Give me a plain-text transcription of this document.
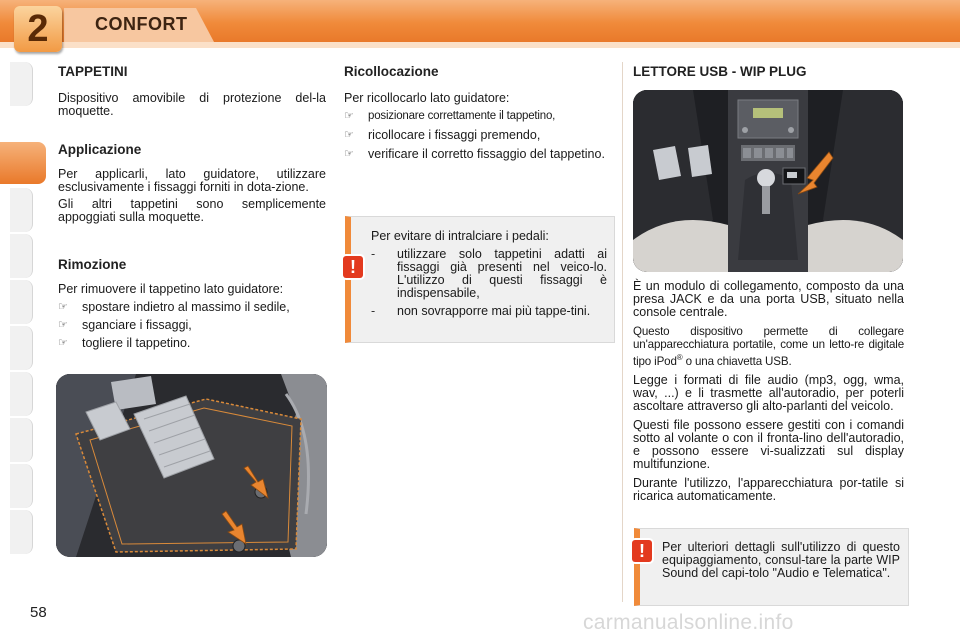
2	CONFORT
TAPPETINI

Dispositivo amovibile di protezione del-la moquette.

Applicazione

Per applicarli, lato guidatore, utilizzare esclusivamente i fissaggi forniti in dota-zione.

Gli altri tappetini sono semplicemente appoggiati sulla moquette.

Rimozione

Per rimuovere il tappetino lato guidatore:

☞ spostare indietro al massimo il sedile,
☞ sganciare i fissaggi,
☞ togliere il tappetino.
Ricollocazione

Per ricollocarlo lato guidatore:

☞ posizionare correttamente il tappetino,
☞ ricollocare i fissaggi premendo,
☞ verificare il corretto fissaggio del tappetino.

Per evitare di intralciare i pedali:

- utilizzare solo tappetini adatti ai fissaggi già presenti nel veico-lo. L'utilizzo di questi fissaggi è indispensabile,
- non sovrapporre mai più tappe-tini.
!
LETTORE USB - WIP PLUG

È un modulo di collegamento, composto da una presa JACK e da una porta USB, situato nella console centrale.

Questo dispositivo permette di collegare un'apparecchiatura portatile, come un letto-re digitale tipo iPod® o una chiavetta USB.

Legge i formati di file audio (mp3, ogg, wma, wav, ...) e li trasmette all'autoradio, per poterli ascoltare attraverso gli alto-parlanti del veicolo.

Questi file possono essere gestiti con i comandi sotto al volante o con il fronta-lino dell'autoradio, e possono essere vi-sualizzati sul display multifunzione.

Durante l'utilizzo, l'apparecchiatura por-tatile si ricarica automaticamente.

Per ulteriori dettagli sull'utilizzo di questo equipaggiamento, consul-tare la parte WIP Sound del capi-tolo "Audio e Telematica".

!
58	carmanualsonline.info
